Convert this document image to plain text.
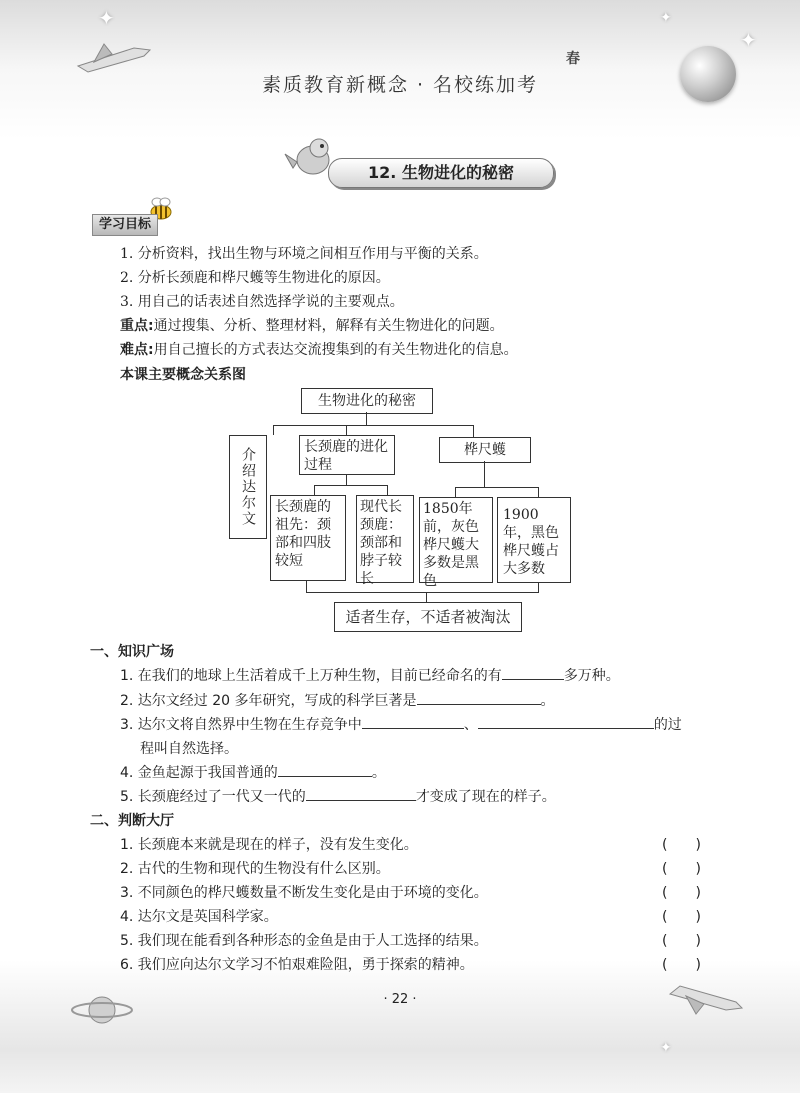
✦
✦
✦
春
素质教育新概念 · 名校练加考
12. 生物进化的秘密
学习目标
1. 分析资料，找出生物与环境之间相互作用与平衡的关系。
2. 分析长颈鹿和桦尺蠖等生物进化的原因。
3. 用自己的话表述自然选择学说的主要观点。
重点:通过搜集、分析、整理材料，解释有关生物进化的问题。
难点:用自己擅长的方式表达交流搜集到的有关生物进化的信息。
本课主要概念关系图
生物进化的秘密
介绍达尔文	长颈鹿的进化过程
桦尺蠖
长颈鹿的祖先：颈部和四肢较短
现代长颈鹿：颈部和脖子较长
1850年前，灰色桦尺蠖大多数是黑色
1900年，黑色桦尺蠖占大多数
适者生存，不适者被淘汰
一、知识广场
1. 在我们的地球上生活着成千上万种生物，目前已经命名的有	多万种。
2. 达尔文经过 20 多年研究，写成的科学巨著是	。
3. 达尔文将自然界中生物在生存竞争中	、	的过
程叫自然选择。
4. 金鱼起源于我国普通的	。
5. 长颈鹿经过了一代又一代的	才变成了现在的样子。
二、判断大厅
1. 长颈鹿本来就是现在的样子，没有发生变化。	(　　)
2. 古代的生物和现代的生物没有什么区别。	(　　)
3. 不同颜色的桦尺蠖数量不断发生变化是由于环境的变化。	(　　)
4. 达尔文是英国科学家。	(　　)
5. 我们现在能看到各种形态的金鱼是由于人工选择的结果。	(　　)
6. 我们应向达尔文学习不怕艰难险阻，勇于探索的精神。	(　　)
· 22 ·
✦
